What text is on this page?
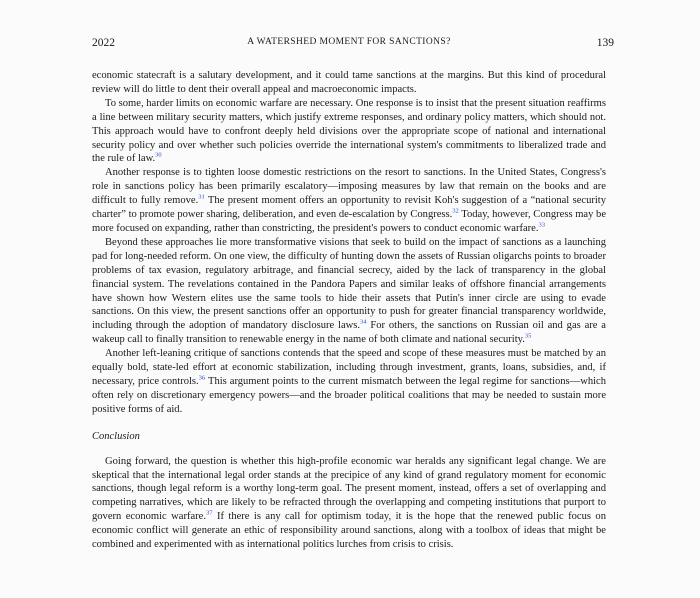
2022	A WATERSHED MOMENT FOR SANCTIONS?	139

economic statecraft is a salutary development, and it could tame sanctions at the margins. But this kind of procedural review will do little to dent their overall appeal and macroeconomic impacts.

To some, harder limits on economic warfare are necessary. One response is to insist that the present situation reaffirms a line between military security matters, which justify extreme responses, and ordinary policy matters, which should not. This approach would have to confront deeply held divisions over the appropriate scope of national and international security policy and over whether such policies override the international system's commitments to liberalized trade and the rule of law.$^{30}$

Another response is to tighten loose domestic restrictions on the resort to sanctions. In the United States, Congress's role in sanctions policy has been primarily escalatory—imposing measures by law that remain on the books and are difficult to fully remove.$^{31}$ The present moment offers an opportunity to revisit Koh's suggestion of a “national security charter” to promote power sharing, deliberation, and even de-escalation by Congress.$^{32}$ Today, however, Congress may be more focused on expanding, rather than constricting, the president's powers to conduct economic warfare.$^{33}$

Beyond these approaches lie more transformative visions that seek to build on the impact of sanctions as a launching pad for long-needed reform. On one view, the difficulty of hunting down the assets of Russian oligarchs points to broader problems of tax evasion, regulatory arbitrage, and financial secrecy, aided by the lack of transparency in the global financial system. The revelations contained in the Pandora Papers and similar leaks of offshore financial arrangements have shown how Western elites use the same tools to hide their assets that Putin's inner circle are using to evade sanctions. On this view, the present sanctions offer an opportunity to push for greater financial transparency worldwide, including through the adoption of mandatory disclosure laws.$^{34}$ For others, the sanctions on Russian oil and gas are a wakeup call to finally transition to renewable energy in the name of both climate and national security.$^{35}$

Another left-leaning critique of sanctions contends that the speed and scope of these measures must be matched by an equally bold, state-led effort at economic stabilization, including through investment, grants, loans, subsidies, and, if necessary, price controls.$^{36}$ This argument points to the current mismatch between the legal regime for sanctions—which often rely on discretionary emergency powers—and the broader political coalitions that may be needed to sustain more positive forms of aid.

Conclusion

Going forward, the question is whether this high-profile economic war heralds any significant legal change. We are skeptical that the international legal order stands at the precipice of any kind of grand regulatory moment for economic sanctions, though legal reform is a worthy long-term goal. The present moment, instead, offers a set of overlapping and competing narratives, which are likely to be refracted through the overlapping and competing institutions that purport to govern economic warfare.$^{37}$ If there is any call for optimism today, it is the hope that the renewed public focus on economic conflict will generate an ethic of responsibility around sanctions, along with a toolbox of ideas that might be combined and experimented with as international politics lurches from crisis to crisis.
